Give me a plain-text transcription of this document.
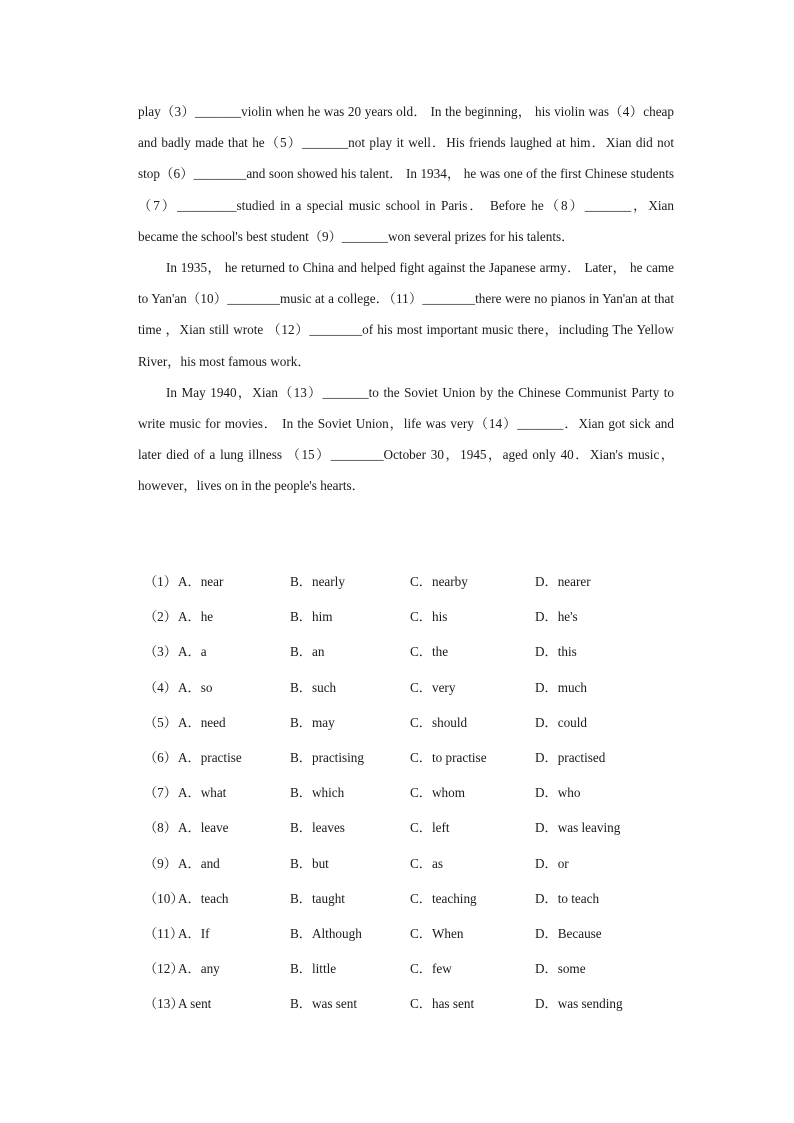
play（3）_______violin when he was 20 years old． In the beginning， his violin was（4）cheap and badly made that he（5）_______not play it well．His friends laughed at him．Xian did not stop（6）________and soon showed his talent． In 1934， he was one of the first Chinese students（7）_________studied in a special music school in Paris． Before he（8）_______，Xian became the school's best student（9）_______won several prizes for his talents．

In 1935， he returned to China and helped fight against the Japanese army． Later， he came to Yan'an（10）________music at a college．（11）________there were no pianos in Yan'an at that time ，Xian still wrote （12）________of his most important music there，including The Yellow River，his most famous work．

In May 1940，Xian（13）_______to the Soviet Union by the Chinese Communist Party to write music for movies． In the Soviet Union，life was very（14）_______．Xian got sick and later died of a lung illness （15）________October 30，1945，aged only 40．Xian's music，however，lives on in the people's hearts．

（1） A．near	B．nearly	C．nearby	D．nearer
（2） A．he	B．him	C．his	D．he's
（3） A．a	B．an	C．the	D．this
（4） A．so	B．such	C．very	D．much
（5） A．need	B．may	C．should	D．could
（6） A．practise	B．practising	C．to practise	D．practised
（7） A．what	B．which	C．whom	D．who
（8） A．leave	B．leaves	C．left	D．was leaving
（9） A．and	B．but	C．as	D．or
（10）
A．teach	B．taught	C．teaching	D．to teach
（11）
A．If	B．Although	C．When	D．Because
（12）
A．any	B．little	C．few	D．some
（13）
A sent	B．was sent	C．has sent	D．was sending
